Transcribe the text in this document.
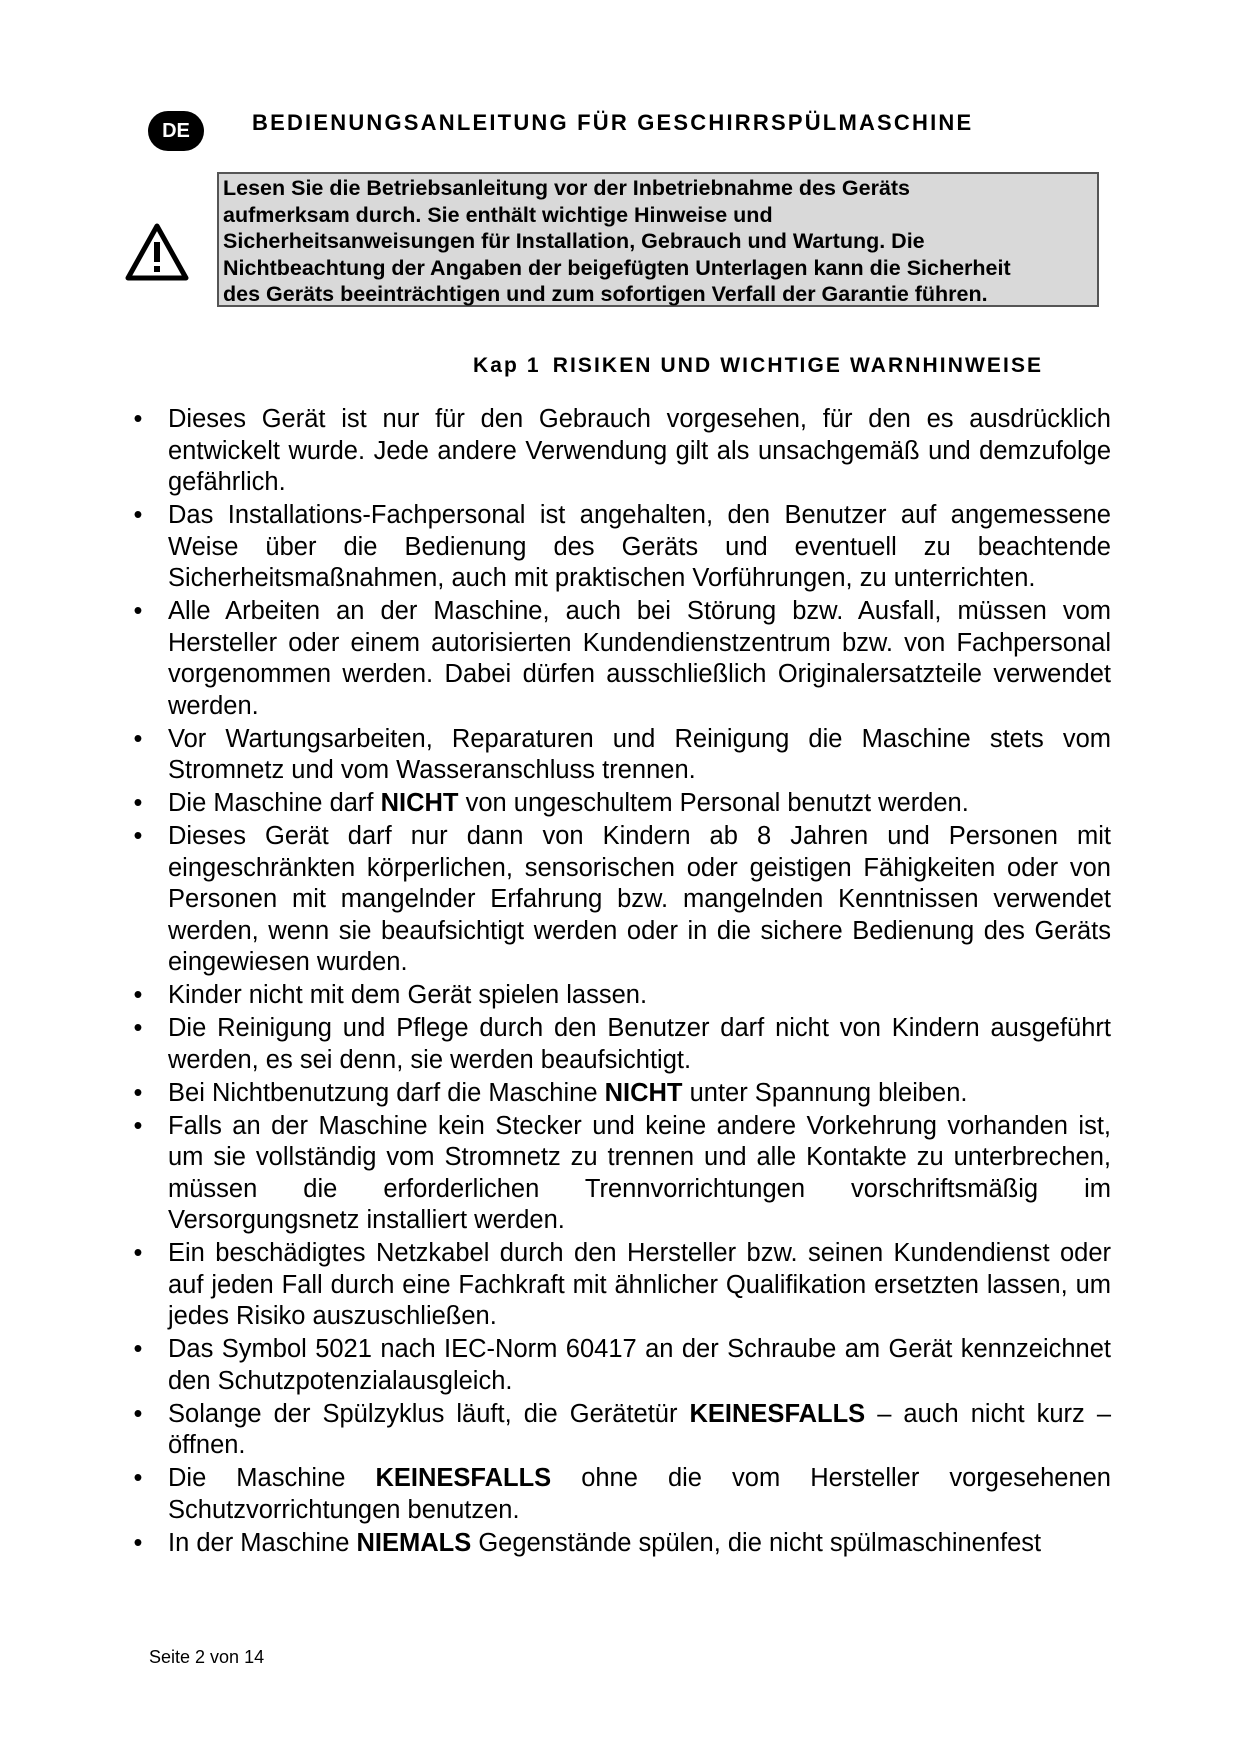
DE	BEDIENUNGSANLEITUNG FÜR GESCHIRRSPÜLMASCHINE
Lesen Sie die Betriebsanleitung vor der Inbetriebnahme des Geräts
aufmerksam durch. Sie enthält wichtige Hinweise und
Sicherheitsanweisungen für Installation, Gebrauch und Wartung. Die
Nichtbeachtung der Angaben der beigefügten Unterlagen kann die Sicherheit
des Geräts beeinträchtigen und zum sofortigen Verfall der Garantie führen.
Kap 1 RISIKEN UND WICHTIGE WARNHINWEISE
• Dieses Gerät ist nur für den Gebrauch vorgesehen, für den es ausdrücklich entwickelt wurde. Jede andere Verwendung gilt als unsachgemäß und demzufolge gefährlich.
• Das Installations-Fachpersonal ist angehalten, den Benutzer auf angemessene Weise über die Bedienung des Geräts und eventuell zu beachtende Sicherheitsmaßnahmen, auch mit praktischen Vorführungen, zu unterrichten.
• Alle Arbeiten an der Maschine, auch bei Störung bzw. Ausfall, müssen vom Hersteller oder einem autorisierten Kundendienstzentrum bzw. von Fachpersonal vorgenommen werden. Dabei dürfen ausschließlich Originalersatzteile verwendet werden.
• Vor Wartungsarbeiten, Reparaturen und Reinigung die Maschine stets vom Stromnetz und vom Wasseranschluss trennen.
• Die Maschine darf NICHT von ungeschultem Personal benutzt werden.
• Dieses Gerät darf nur dann von Kindern ab 8 Jahren und Personen mit eingeschränkten körperlichen, sensorischen oder geistigen Fähigkeiten oder von Personen mit mangelnder Erfahrung bzw. mangelnden Kenntnissen verwendet werden, wenn sie beaufsichtigt werden oder in die sichere Bedienung des Geräts eingewiesen wurden.
• Kinder nicht mit dem Gerät spielen lassen.
• Die Reinigung und Pflege durch den Benutzer darf nicht von Kindern ausgeführt werden, es sei denn, sie werden beaufsichtigt.
• Bei Nichtbenutzung darf die Maschine NICHT unter Spannung bleiben.
• Falls an der Maschine kein Stecker und keine andere Vorkehrung vorhanden ist, um sie vollständig vom Stromnetz zu trennen und alle Kontakte zu unterbrechen, müssen die erforderlichen Trennvorrichtungen vorschriftsmäßig im Versorgungsnetz installiert werden.
• Ein beschädigtes Netzkabel durch den Hersteller bzw. seinen Kundendienst oder auf jeden Fall durch eine Fachkraft mit ähnlicher Qualifikation ersetzten lassen, um jedes Risiko auszuschließen.
• Das Symbol 5021 nach IEC-Norm 60417 an der Schraube am Gerät kennzeichnet den Schutzpotenzialausgleich.
• Solange der Spülzyklus läuft, die Gerätetür KEINESFALLS – auch nicht kurz – öffnen.
• Die Maschine KEINESFALLS ohne die vom Hersteller vorgesehenen Schutzvorrichtungen benutzen.
• In der Maschine NIEMALS Gegenstände spülen, die nicht spülmaschinenfest
Seite 2 von 14
